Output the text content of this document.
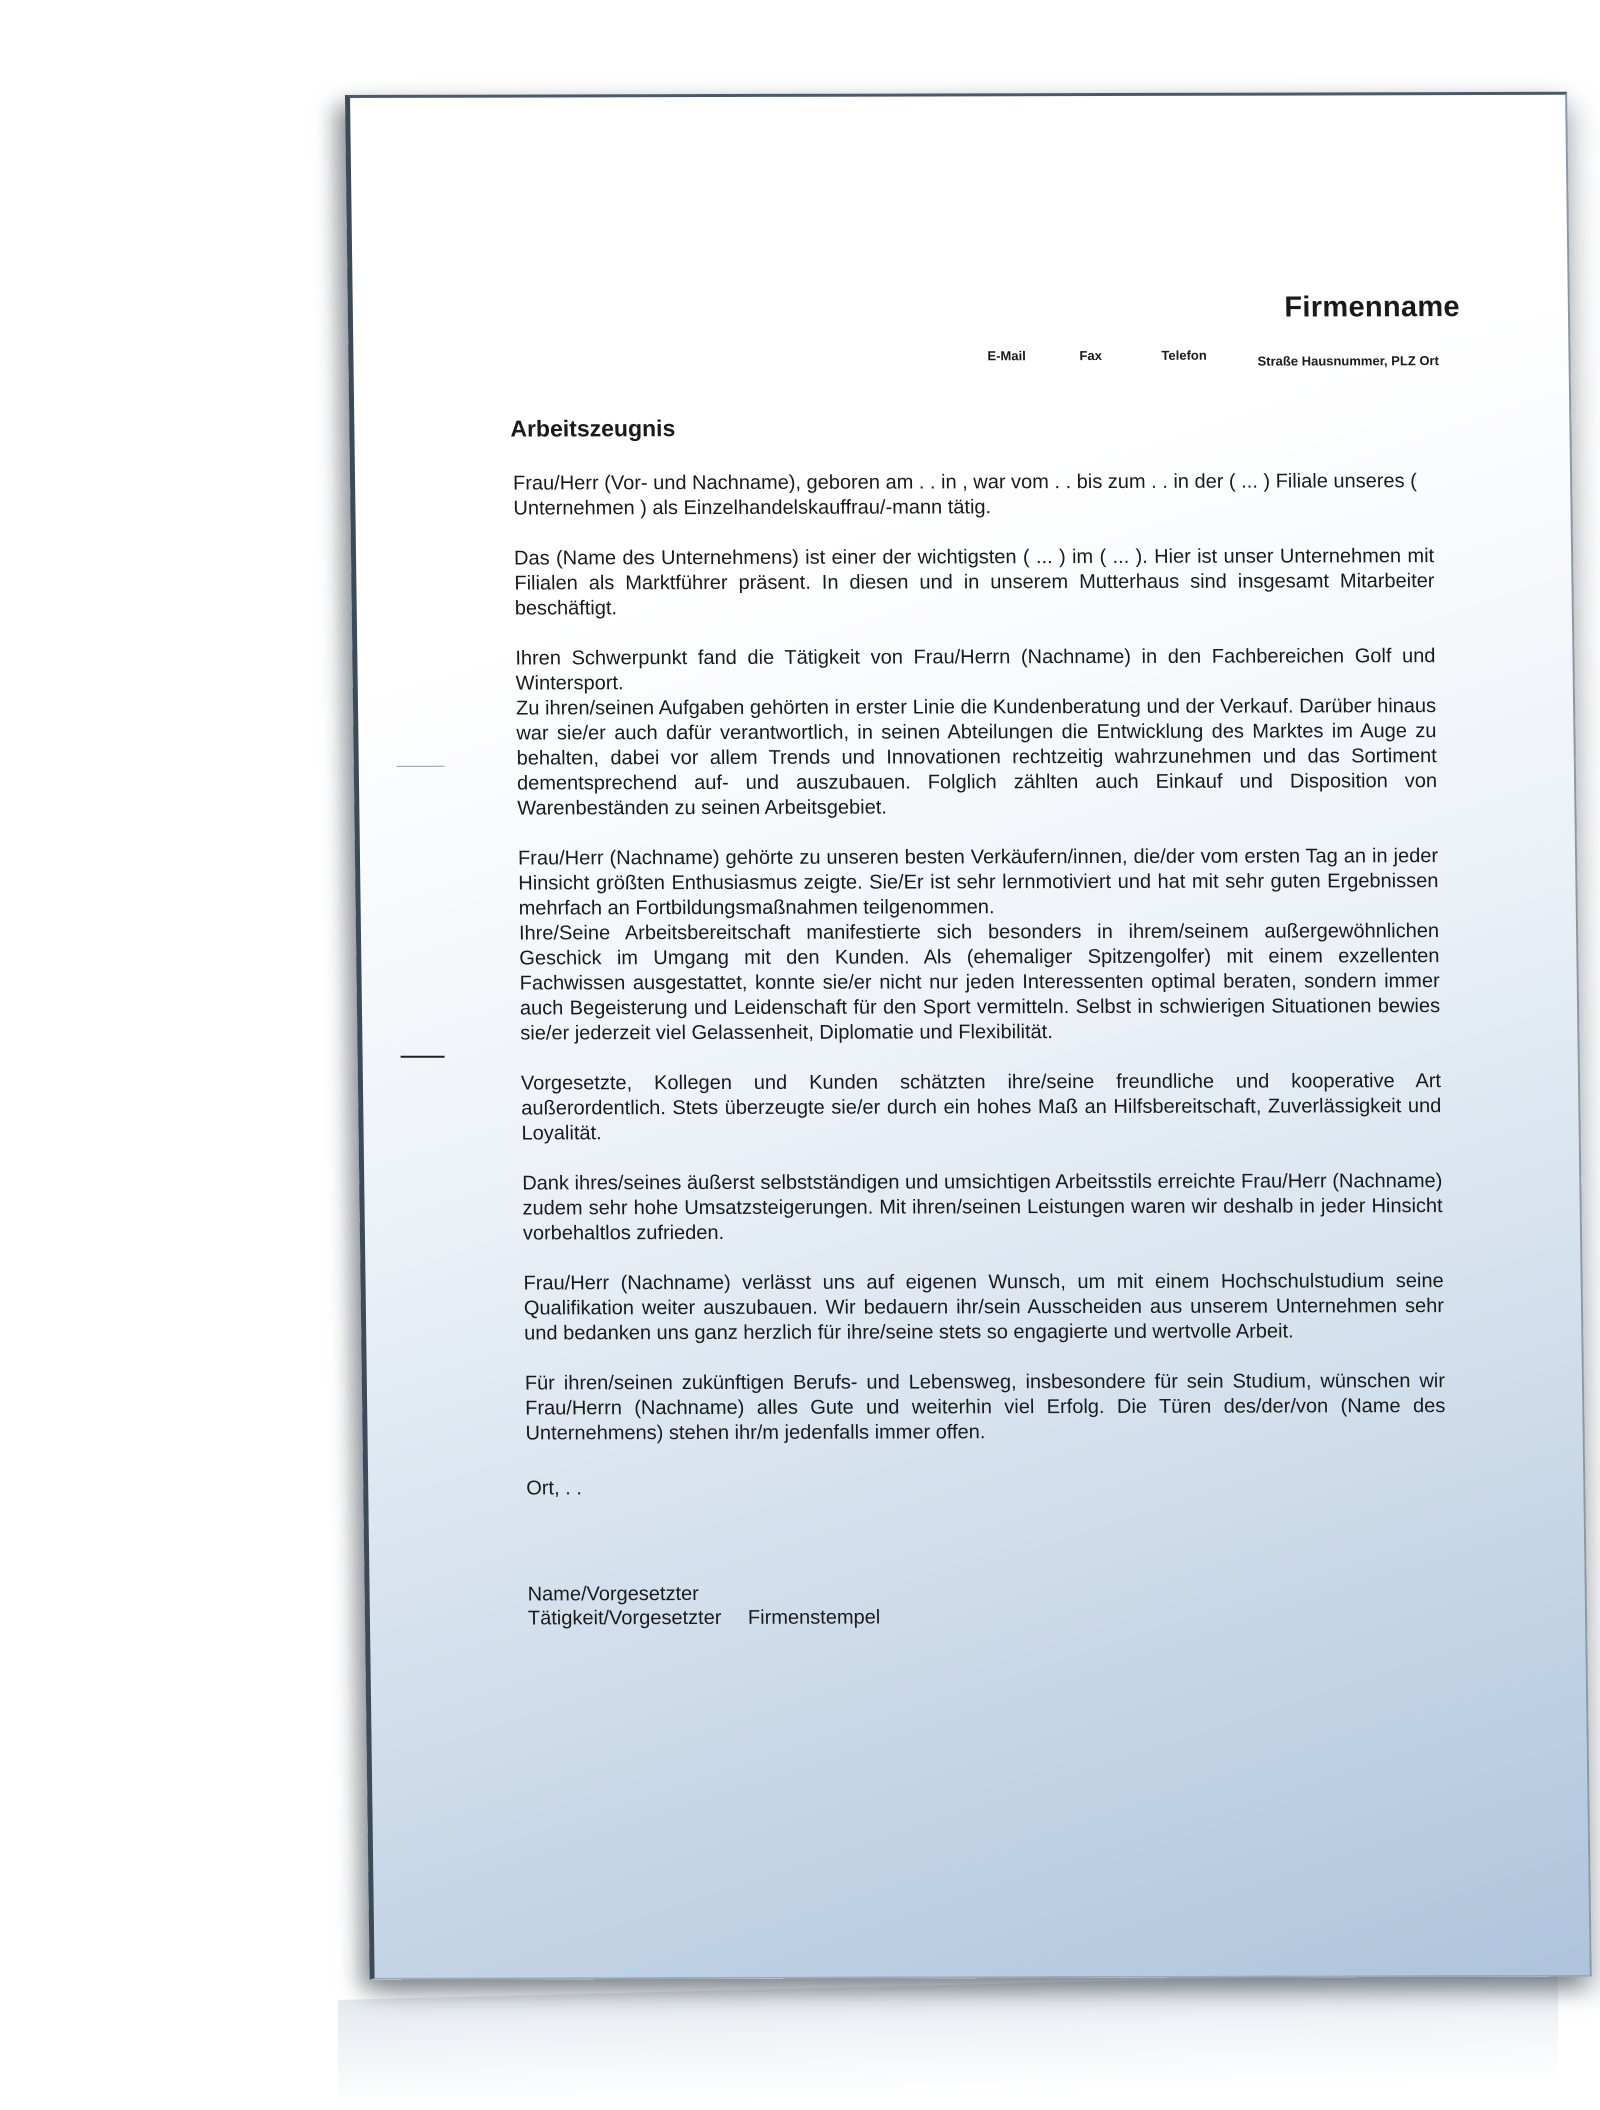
Firmenname
E-Mail	Fax	Telefon	Straße Hausnummer, PLZ Ort
Arbeitszeugnis

Frau/Herr (Vor- und Nachname), geboren am . . in , war vom . . bis zum . . in der ( ... ) Filiale unseres ( Unternehmen ) als Einzelhandelskauffrau/-mann tätig.

Das (Name des Unternehmens) ist einer der wichtigsten ( ... ) im ( ... ). Hier ist unser Unternehmen mit Filialen als Marktführer präsent. In diesen und in unserem Mutterhaus sind insgesamt Mitarbeiter beschäftigt.

Ihren Schwerpunkt fand die Tätigkeit von Frau/Herrn (Nachname) in den Fachbereichen Golf und Wintersport.
Zu ihren/seinen Aufgaben gehörten in erster Linie die Kundenberatung und der Verkauf. Darüber hinaus war sie/er auch dafür verantwortlich, in seinen Abteilungen die Entwicklung des Marktes im Auge zu behalten, dabei vor allem Trends und Innovationen rechtzeitig wahrzunehmen und das Sortiment dementsprechend auf- und auszubauen. Folglich zählten auch Einkauf und Disposition von Warenbeständen zu seinen Arbeitsgebiet.

Frau/Herr (Nachname) gehörte zu unseren besten Verkäufern/innen, die/der vom ersten Tag an in jeder Hinsicht größten Enthusiasmus zeigte. Sie/Er ist sehr lernmotiviert und hat mit sehr guten Ergebnissen mehrfach an Fortbildungsmaßnahmen teilgenommen.
Ihre/Seine Arbeitsbereitschaft manifestierte sich besonders in ihrem/seinem außergewöhnlichen Geschick im Umgang mit den Kunden. Als (ehemaliger Spitzengolfer) mit einem exzellenten Fachwissen ausgestattet, konnte sie/er nicht nur jeden Interessenten optimal beraten, sondern immer auch Begeisterung und Leidenschaft für den Sport vermitteln. Selbst in schwierigen Situationen bewies sie/er jederzeit viel Gelassenheit, Diplomatie und Flexibilität.

Vorgesetzte, Kollegen und Kunden schätzten ihre/seine freundliche und kooperative Art außerordentlich. Stets überzeugte sie/er durch ein hohes Maß an Hilfsbereitschaft, Zuverlässigkeit und Loyalität.

Dank ihres/seines äußerst selbstständigen und umsichtigen Arbeitsstils erreichte Frau/Herr (Nachname) zudem sehr hohe Umsatzsteigerungen. Mit ihren/seinen Leistungen waren wir deshalb in jeder Hinsicht vorbehaltlos zufrieden.

Frau/Herr (Nachname) verlässt uns auf eigenen Wunsch, um mit einem Hochschulstudium seine Qualifikation weiter auszubauen. Wir bedauern ihr/sein Ausscheiden aus unserem Unternehmen sehr und bedanken uns ganz herzlich für ihre/seine stets so engagierte und wertvolle Arbeit.

Für ihren/seinen zukünftigen Berufs- und Lebensweg, insbesondere für sein Studium, wünschen wir Frau/Herrn (Nachname) alles Gute und weiterhin viel Erfolg. Die Türen des/der/von (Name des Unternehmens) stehen ihr/m jedenfalls immer offen.

Ort, . .
Name/Vorgesetzter
Tätigkeit/Vorgesetzter Firmenstempel
